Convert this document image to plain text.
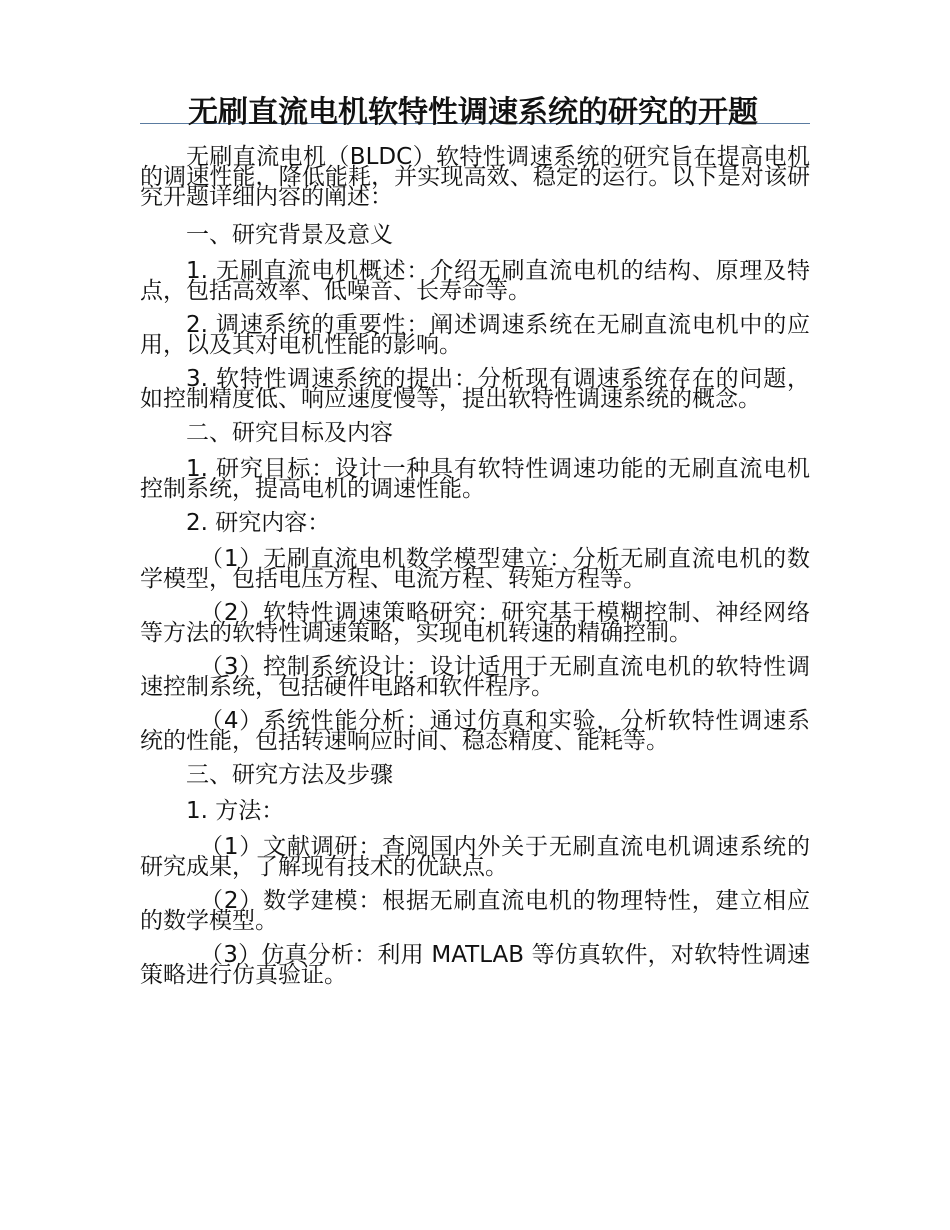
无刷直流电机软特性调速系统的研究的开题

无刷直流电机（BLDC）软特性调速系统的研究旨在提高电机的调速性能，降低能耗，并实现高效、稳定的运行。以下是对该研究开题详细内容的阐述：

一、研究背景及意义

1. 无刷直流电机概述：介绍无刷直流电机的结构、原理及特点，包括高效率、低噪音、长寿命等。

2. 调速系统的重要性：阐述调速系统在无刷直流电机中的应用，以及其对电机性能的影响。

3. 软特性调速系统的提出：分析现有调速系统存在的问题，如控制精度低、响应速度慢等，提出软特性调速系统的概念。

二、研究目标及内容

1. 研究目标：设计一种具有软特性调速功能的无刷直流电机控制系统，提高电机的调速性能。

2. 研究内容：

（1）无刷直流电机数学模型建立：分析无刷直流电机的数学模型，包括电压方程、电流方程、转矩方程等。

（2）软特性调速策略研究：研究基于模糊控制、神经网络等方法的软特性调速策略，实现电机转速的精确控制。

（3）控制系统设计：设计适用于无刷直流电机的软特性调速控制系统，包括硬件电路和软件程序。

（4）系统性能分析：通过仿真和实验，分析软特性调速系统的性能，包括转速响应时间、稳态精度、能耗等。

三、研究方法及步骤

1. 方法：

（1）文献调研：查阅国内外关于无刷直流电机调速系统的研究成果，了解现有技术的优缺点。

（2）数学建模：根据无刷直流电机的物理特性，建立相应的数学模型。

（3）仿真分析：利用 MATLAB 等仿真软件，对软特性调速策略进行仿真验证。
